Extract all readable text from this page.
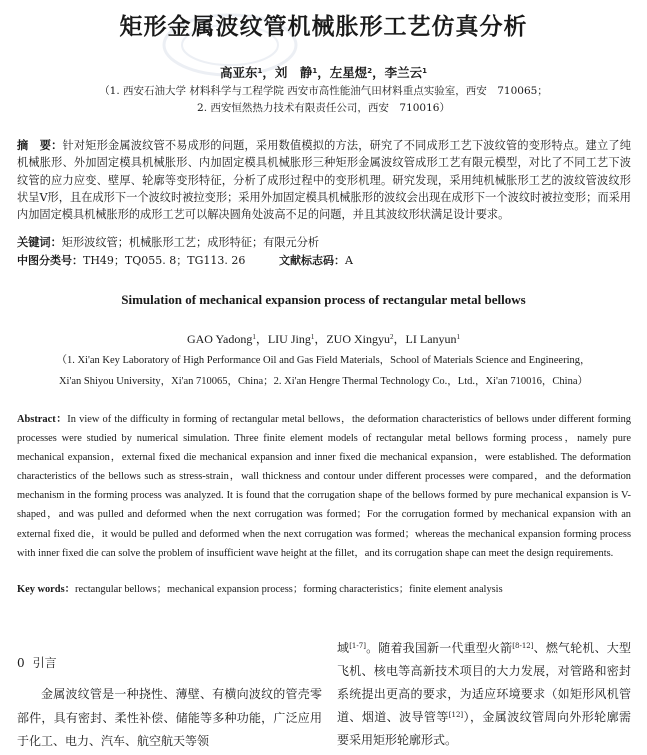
矩形金属波纹管机械胀形工艺仿真分析
高亚东$^1$，刘　静$^1$，左星煜$^2$，李兰云$^1$
（1. 西安石油大学 材料科学与工程学院 西安市高性能油气田材料重点实验室，西安　710065；
2. 西安恒然热力技术有限责任公司，西安　710016）
摘　要：针对矩形金属波纹管不易成形的问题，采用数值模拟的方法，研究了不同成形工艺下波纹管的变形特点。建立了纯机械胀形、外加固定模具机械胀形、内加固定模具机械胀形三种矩形金属波纹管成形工艺有限元模型，对比了不同工艺下波纹管的应力应变、壁厚、轮廓等变形特征，分析了成形过程中的变形机理。研究发现，采用纯机械胀形工艺的波纹管波纹形状呈V形，且在成形下一个波纹时被拉变形；采用外加固定模具机械胀形的波纹会出现在成形下一个波纹时被拉变形；而采用内加固定模具机械胀形的成形工艺可以解决圆角处波高不足的问题，并且其波纹形状满足设计要求。
关键词：矩形波纹管；机械胀形工艺；成形特征；有限元分析
中图分类号：TH49；TQ055. 8；TG113. 26	文献标志码：A
Simulation of mechanical expansion process of rectangular metal bellows
GAO Yadong$^1$，LIU Jing$^1$，ZUO Xingyu$^2$，LI Lanyun$^1$
（1. Xi'an Key Laboratory of High Performance Oil and Gas Field Materials，School of Materials Science and Engineering，
Xi'an Shiyou University，Xi'an 710065，China；2. Xi'an Hengre Thermal Technology Co.，Ltd.，Xi'an 710016，China）
Abstract：In view of the difficulty in forming of rectangular metal bellows，the deformation characteristics of bellows under different forming processes were studied by numerical simulation. Three finite element models of rectangular metal bellows forming process，namely pure mechanical expansion，external fixed die mechanical expansion and inner fixed die mechanical expansion，were established. The deformation characteristics of the bellows such as stress-strain，wall thickness and contour under different processes were compared，and the deformation mechanism in the forming process was analyzed. It is found that the corrugation shape of the bellows formed by pure mechanical expansion is V-shaped，and was pulled and deformed when the next corrugation was formed；For the corrugation formed by mechanical expansion with an external fixed die，it would be pulled and deformed when the next corrugation was formed；whereas the mechanical expansion forming process with inner fixed die can solve the problem of insufficient wave height at the fillet，and its corrugation shape can meet the design requirements.
Key words：rectangular bellows；mechanical expansion process；forming characteristics；finite element analysis
0 引言
金属波纹管是一种挠性、薄壁、有横向波纹的管壳零部件，具有密封、柔性补偿、储能等多种功能，广泛应用于化工、电力、汽车、航空航天等领
域[1-7]。随着我国新一代重型火箭[8-12]、燃气轮机、大型飞机、核电等高新技术项目的大力发展，对管路和密封系统提出更高的要求，为适应环境要求（如矩形风机管道、烟道、波导管等[12]），金属波纹管周向外形轮廓需要采用矩形轮廓形式。
